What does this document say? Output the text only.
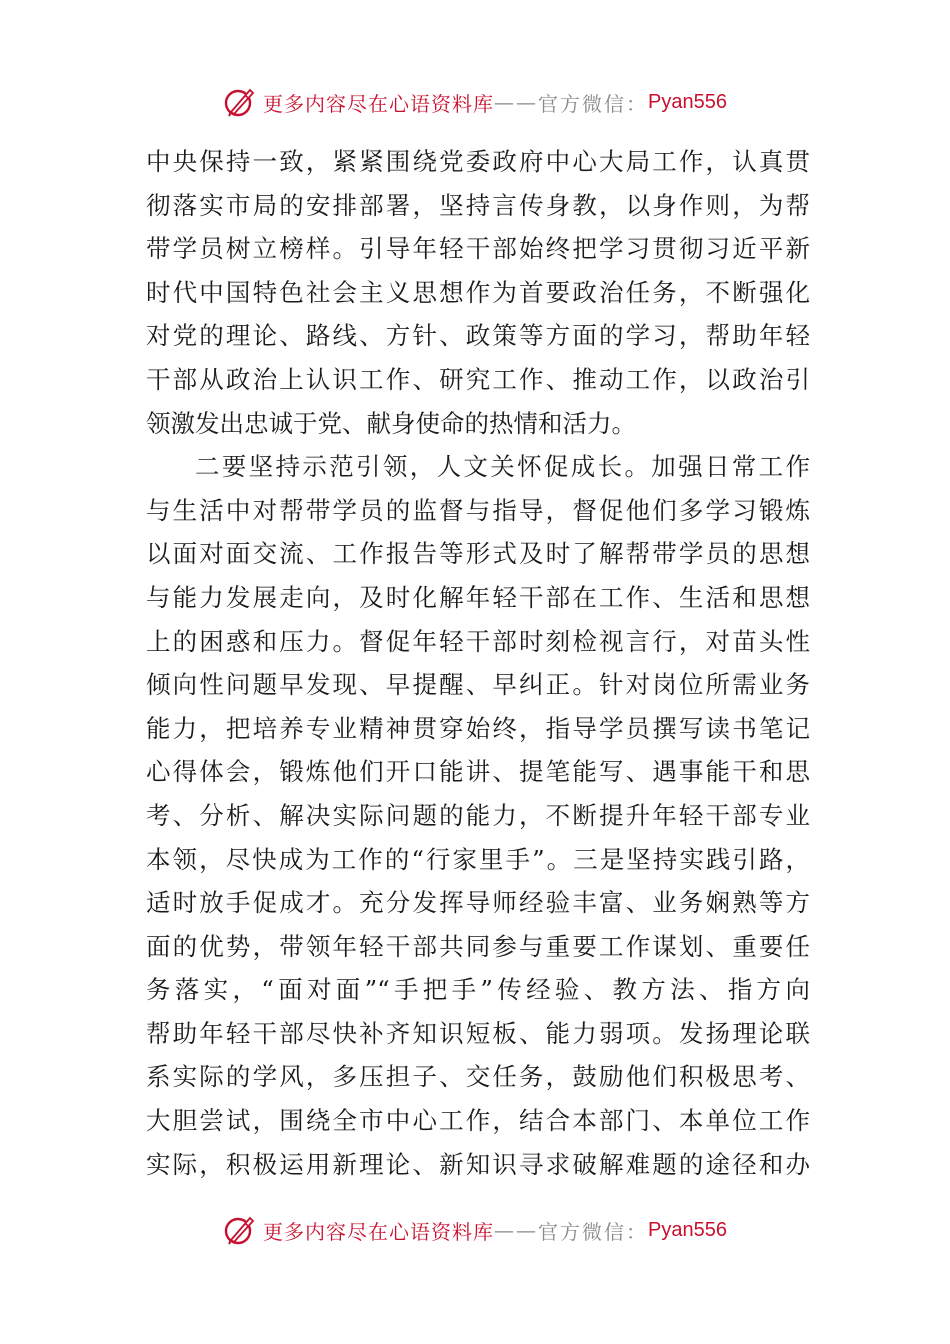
更多内容尽在心语资料库 —— 官方微信： Pyan556
中央保持一致，紧紧围绕党委政府中心大局工作，认真贯
彻落实市局的安排部署，坚持言传身教，以身作则，为帮
带学员树立榜样。引导年轻干部始终把学习贯彻习近平新
时代中国特色社会主义思想作为首要政治任务，不断强化
对党的理论、路线、方针、政策等方面的学习，帮助年轻
干部从政治上认识工作、研究工作、推动工作，以政治引
领激发出忠诚于党、献身使命的热情和活力。
二要坚持示范引领，人文关怀促成长。加强日常工作
与生活中对帮带学员的监督与指导，督促他们多学习锻炼
以面对面交流、工作报告等形式及时了解帮带学员的思想
与能力发展走向，及时化解年轻干部在工作、生活和思想
上的困惑和压力。督促年轻干部时刻检视言行，对苗头性
倾向性问题早发现、早提醒、早纠正。针对岗位所需业务
能力，把培养专业精神贯穿始终，指导学员撰写读书笔记
心得体会，锻炼他们开口能讲、提笔能写、遇事能干和思
考、分析、解决实际问题的能力，不断提升年轻干部专业
本领，尽快成为工作的“行家里手”。三是坚持实践引路，
适时放手促成才。充分发挥导师经验丰富、业务娴熟等方
面的优势，带领年轻干部共同参与重要工作谋划、重要任
务落实，“面对面”“手把手”传经验、教方法、指方向
帮助年轻干部尽快补齐知识短板、能力弱项。发扬理论联
系实际的学风，多压担子、交任务，鼓励他们积极思考、
大胆尝试，围绕全市中心工作，结合本部门、本单位工作
实际，积极运用新理论、新知识寻求破解难题的途径和办
更多内容尽在心语资料库 —— 官方微信： Pyan556
